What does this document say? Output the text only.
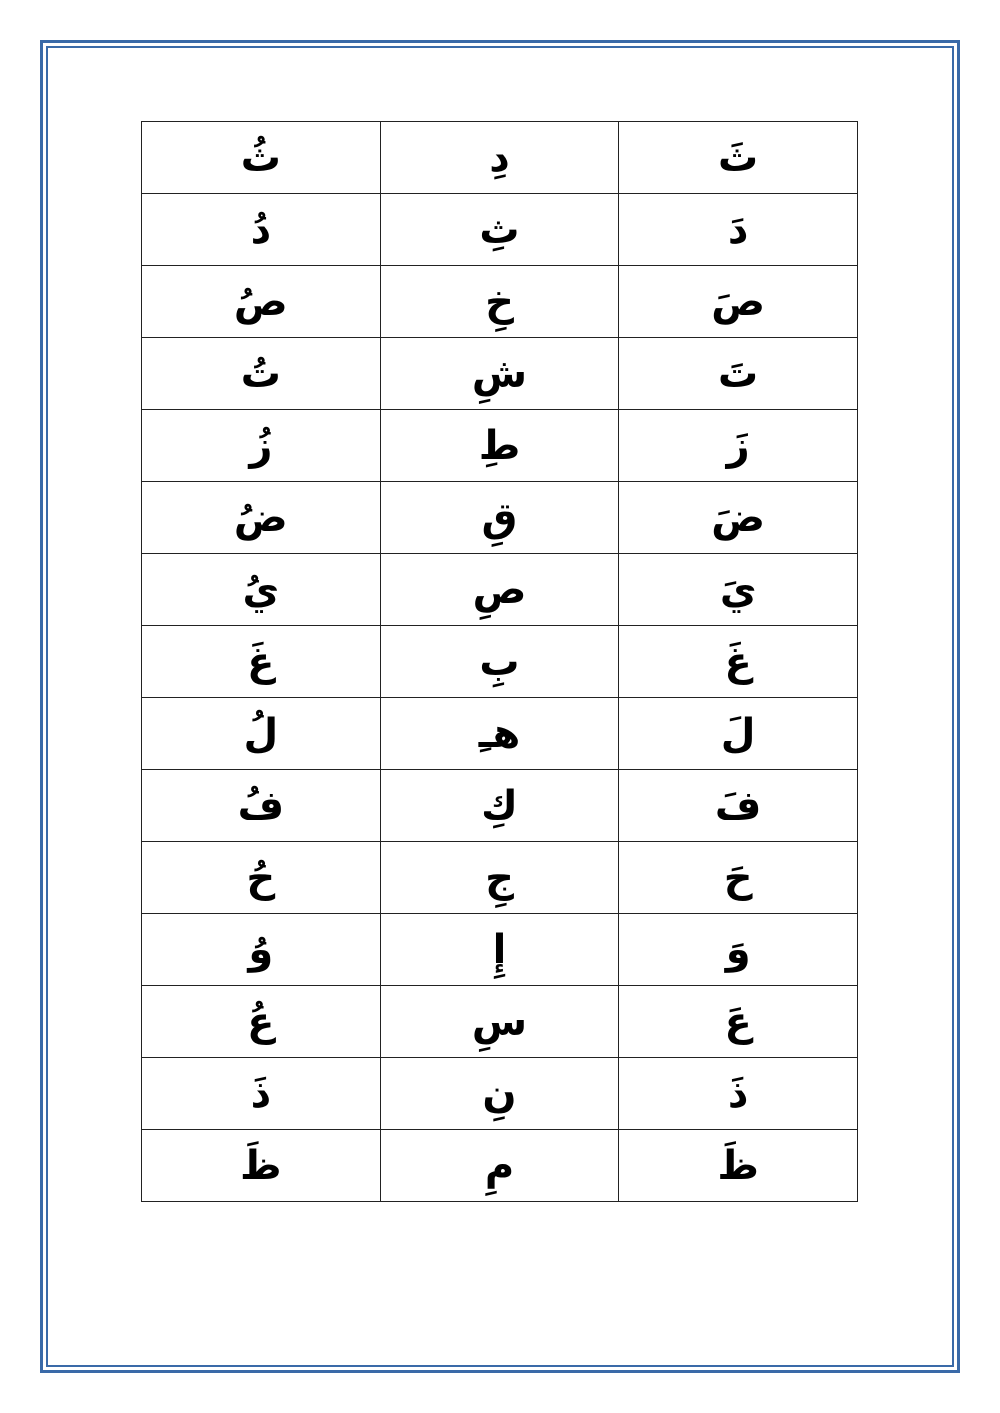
ثُ	دِ	ثَ
دُ	ثِ	دَ
صُ	خِ	صَ
تُ	شِ	تَ
زُ	طِ	زَ
ضُ	قِ	ضَ
يُ	صِ	يَ
غَ	بِ	غَ
لُ	هـِ	لَ
فُ	كِ	فَ
حُ	جِ	حَ
وُ	إِ	وَ
عُ	سِ	عَ
ذَ	نِ	ذَ
ظَ	مِ	ظَ
